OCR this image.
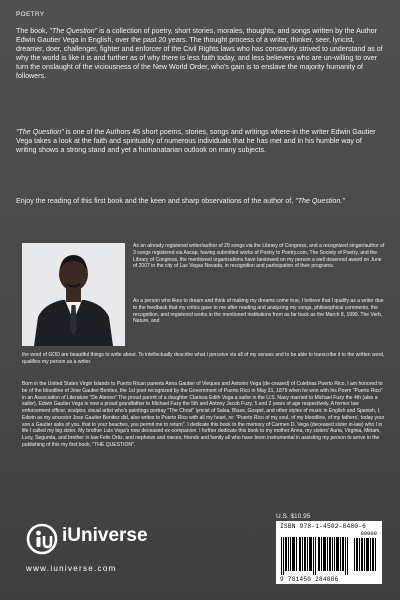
POETRY

The book, "The Question" is a collection of poetry, short stories, morales, thoughts, and songs written by the Author Edwin Gautier Vega in English, over the past 20 years. The thought process of a writer, thinker, seer, lyricist, dreamer, doer, challenger, fighter and enforcer of the Civil Rights laws who has constantly strived to understand as of why the world is like it is and further as of why there is less faith today, and less believers who are un-willing to over turn the onslaught of the viciousness of the New World Order, who's gain is to enslave the majority humanity of followers.

"The Question" is one of the Authors 45 short poems, stories, songs and writings where-in the writer Edwin Gautier Vega takes a look at the faith and spirituality of numerous individuals that he has met and in his humble way of writing shows a strong stand and yet a humanatarian outlook on many subjects.

Enjoy the reading of this first book and the keen and sharp observations of the author of, "The Question."

As an already registered writer/author of 29 songs via the Library of Congress, and a recognized singer/author of 3 songs registered via Ascap, having submitted works of Poetry to Poetry.com, The Society of Poetry, and the Library of Congress, the mentioned organizations have bestowed on my person a well deserved award on June of 2007 in the city of Las Vegas Nevada, in recognition and participation of their programs.

As a person who likes to dream and think of making my dreams come true, I believe that I qualify as a writer due to the feedback that my critics gave to me after reading and analyzing my songs, philosophical comments, the recognition, and registered works in the mentioned institutions from as far back as the March 8, 1999. The Verb, Nature, and

the word of GOD are beautiful things to write about. To intellectually describe what I perceive via all of my senses and to be able to transcribe it to the written word, qualifies my person as a writer.

Born in the United States Virgin Islands to Puerto Rican parents Anna Gautier of Vieques and Antonio Vega (de-ceased) of Culebras Puerto Rico, I am honored to be of the bloodline of Jose Gautier Benitez, the 1st poet recognized by the Government of Puerto Rico in May 31, 1879 when he won with his Poem "Puerto Rico" in an Association of Literature "De Ateneo" The proud parent of a daughter Clarissa Edith Vega a sailor in the U.S. Navy married to Michael Fuzy the 4th (also a sailor), Edwin Gautier Vega is now a proud grandfather to Michael Fuzy the 5th and Antony Jacob Fuzy, 5 and 2 years of age respectively. A former law enforcement officer, sculptor, visual artist who's paintings portray "The Christ" lyricist of Salsa, Blues, Gospel, and other styles of music in English and Spanish, I, Edwin as my ancestor Jose Gautier Benitez did, also writes to Puerto Rico with all my heart, re: "Puerto Rico of my soul, of my bloodline, of my fathers', today your son a Gautier asks of you, that to your beaches, you permit me to return". I dedicate this book to the memory of Carmen D. Vega (deceased sister in-law) who I in life I called my big sister. My brother Luis Vega's now deceased ex-companion. I further dedicate this book to my mother Anna, my sisters' Auria, Virginia, Miriam, Lucy, Segunda, and brother in-law Felix Ortiz, and nephews and nieces, friends and family all who have been instrumental in assisting my person to arrive in the publishing of this my first book, "THE QUESTION".

U.S. $10.95
ISBN 978-1-4502-8480-6
90000
9 781450 284806
iUniverse
www.iuniverse.com
